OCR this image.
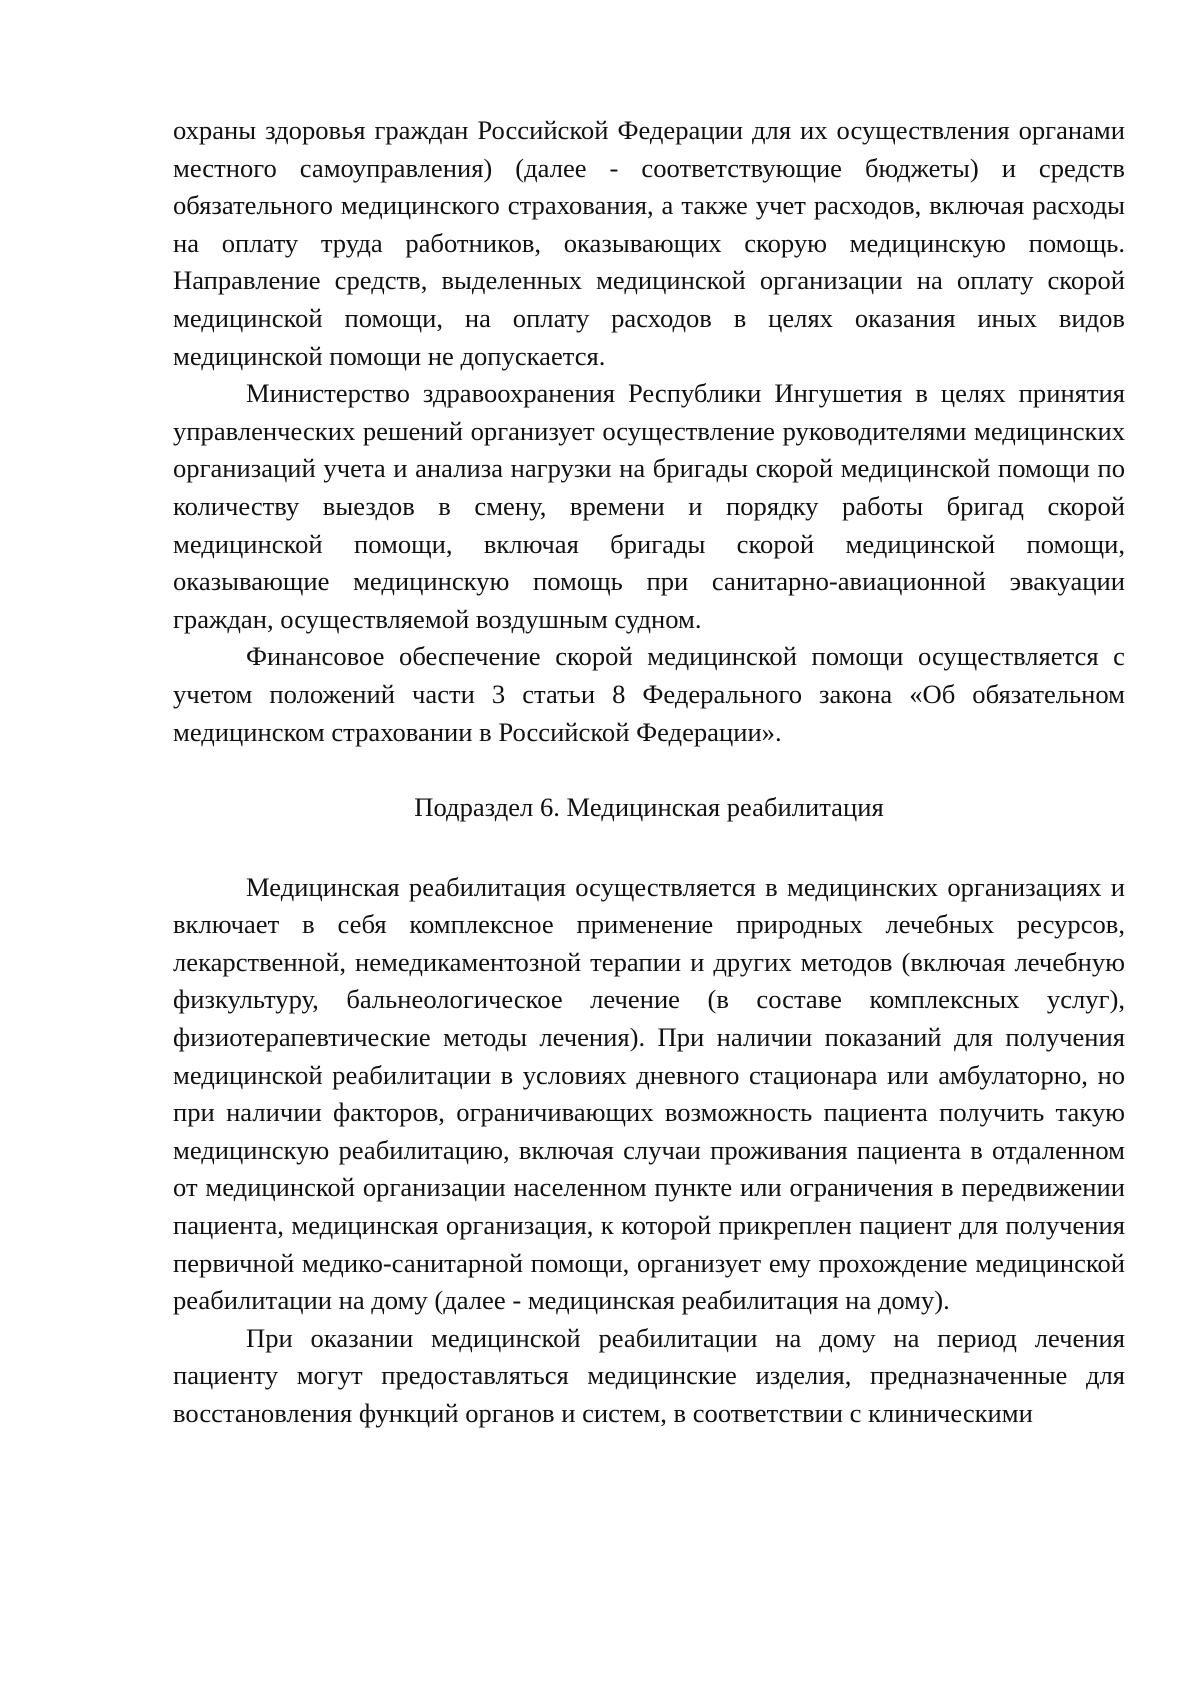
охраны здоровья граждан Российской Федерации для их осуществления органами местного самоуправления) (далее - соответствующие бюджеты) и средств обязательного медицинского страхования, а также учет расходов, включая расходы на оплату труда работников, оказывающих скорую медицинскую помощь. Направление средств, выделенных медицинской организации на оплату скорой медицинской помощи, на оплату расходов в целях оказания иных видов медицинской помощи не допускается.

Министерство здравоохранения Республики Ингушетия в целях принятия управленческих решений организует осуществление руководителями медицинских организаций учета и анализа нагрузки на бригады скорой медицинской помощи по количеству выездов в смену, времени и порядку работы бригад скорой медицинской помощи, включая бригады скорой медицинской помощи, оказывающие медицинскую помощь при санитарно-авиационной эвакуации граждан, осуществляемой воздушным судном.

Финансовое обеспечение скорой медицинской помощи осуществляется с учетом положений части 3 статьи 8 Федерального закона «Об обязательном медицинском страховании в Российской Федерации».

Подраздел 6. Медицинская реабилитация

Медицинская реабилитация осуществляется в медицинских организациях и включает в себя комплексное применение природных лечебных ресурсов, лекарственной, немедикаментозной терапии и других методов (включая лечебную физкультуру, бальнеологическое лечение (в составе комплексных услуг), физиотерапевтические методы лечения). При наличии показаний для получения медицинской реабилитации в условиях дневного стационара или амбулаторно, но при наличии факторов, ограничивающих возможность пациента получить такую медицинскую реабилитацию, включая случаи проживания пациента в отдаленном от медицинской организации населенном пункте или ограничения в передвижении пациента, медицинская организация, к которой прикреплен пациент для получения первичной медико-санитарной помощи, организует ему прохождение медицинской реабилитации на дому (далее - медицинская реабилитация на дому).

При оказании медицинской реабилитации на дому на период лечения пациенту могут предоставляться медицинские изделия, предназначенные для восстановления функций органов и систем, в соответствии с клиническими
